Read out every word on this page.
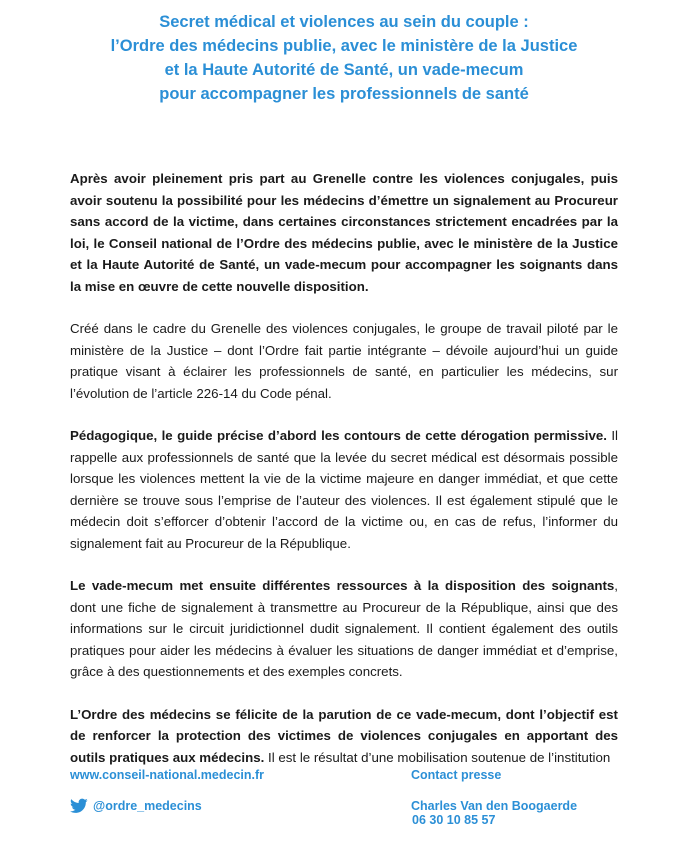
Secret médical et violences au sein du couple :
l’Ordre des médecins publie, avec le ministère de la Justice
et la Haute Autorité de Santé, un vade-mecum
pour accompagner les professionnels de santé

Après avoir pleinement pris part au Grenelle contre les violences conjugales, puis avoir soutenu la possibilité pour les médecins d’émettre un signalement au Procureur sans accord de la victime, dans certaines circonstances strictement encadrées par la loi, le Conseil national de l’Ordre des médecins publie, avec le ministère de la Justice et la Haute Autorité de Santé, un vade-mecum pour accompagner les soignants dans la mise en œuvre de cette nouvelle disposition.

Créé dans le cadre du Grenelle des violences conjugales, le groupe de travail piloté par le ministère de la Justice – dont l’Ordre fait partie intégrante – dévoile aujourd’hui un guide pratique visant à éclairer les professionnels de santé, en particulier les médecins, sur l’évolution de l’article 226-14 du Code pénal.

Pédagogique, le guide précise d’abord les contours de cette dérogation permissive. Il rappelle aux professionnels de santé que la levée du secret médical est désormais possible lorsque les violences mettent la vie de la victime majeure en danger immédiat, et que cette dernière se trouve sous l’emprise de l’auteur des violences. Il est également stipulé que le médecin doit s’efforcer d’obtenir l’accord de la victime ou, en cas de refus, l’informer du signalement fait au Procureur de la République.

Le vade-mecum met ensuite différentes ressources à la disposition des soignants, dont une fiche de signalement à transmettre au Procureur de la République, ainsi que des informations sur le circuit juridictionnel dudit signalement. Il contient également des outils pratiques pour aider les médecins à évaluer les situations de danger immédiat et d’emprise, grâce à des questionnements et des exemples concrets.

L’Ordre des médecins se félicite de la parution de ce vade-mecum, dont l’objectif est de renforcer la protection des victimes de violences conjugales en apportant des outils pratiques aux médecins. Il est le résultat d’une mobilisation soutenue de l’institution

www.conseil-national.medecin.fr
@ordre_medecins
Contact presse
Charles Van den Boogaerde
06 30 10 85 57
